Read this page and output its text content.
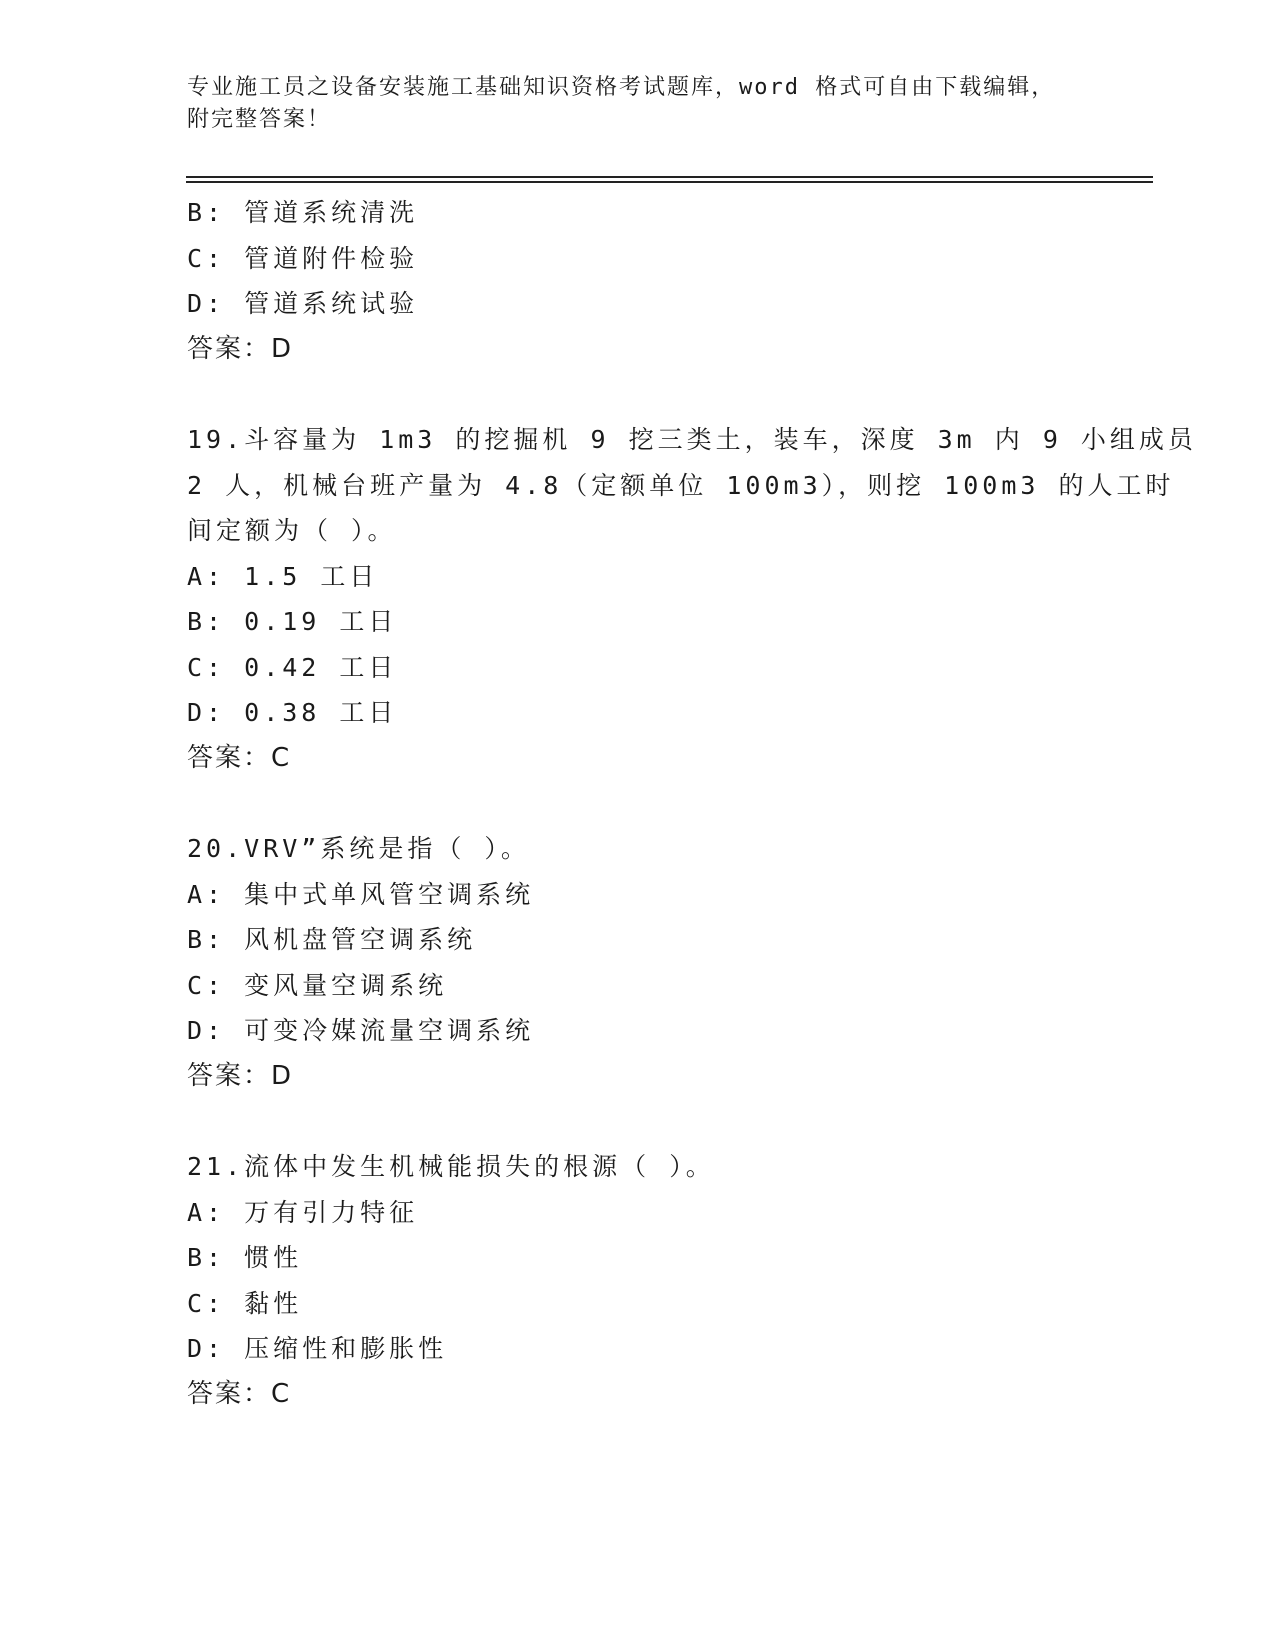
专业施工员之设备安装施工基础知识资格考试题库，word 格式可自由下载编辑，
附完整答案！
B: 管道系统清洗
C: 管道附件检验
D: 管道系统试验
答案：D
19.斗容量为 1m3 的挖掘机 9 挖三类土，装车，深度 3m 内 9 小组成员
2 人，机械台班产量为 4.8（定额单位 100m3），则挖 100m3 的人工时
间定额为（ ）。
A: 1.5 工日
B: 0.19 工日
C: 0.42 工日
D: 0.38 工日
答案：C
20.VRV”系统是指（ ）。
A: 集中式单风管空调系统
B: 风机盘管空调系统
C: 变风量空调系统
D: 可变冷媒流量空调系统
答案：D
21.流体中发生机械能损失的根源（ ）。
A: 万有引力特征
B: 惯性
C: 黏性
D: 压缩性和膨胀性
答案：C
